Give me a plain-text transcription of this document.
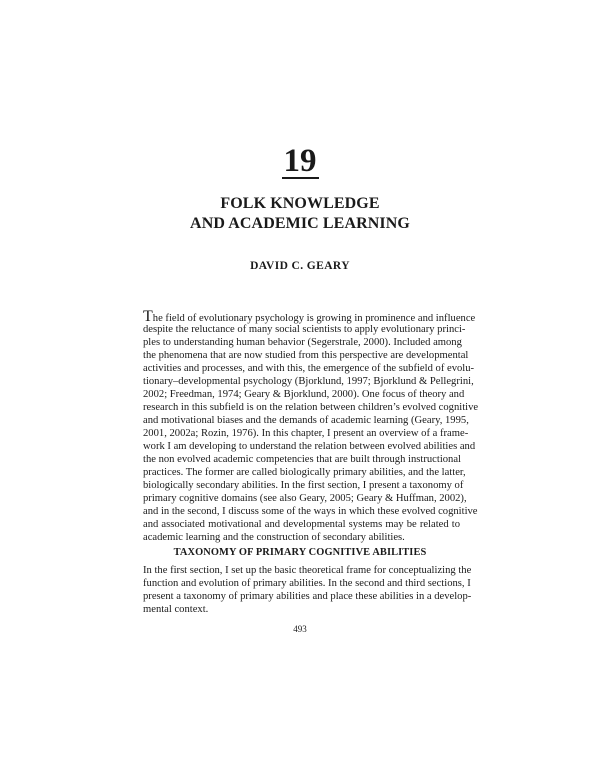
19
FOLK KNOWLEDGE
AND ACADEMIC LEARNING
DAVID C. GEARY
The field of evolutionary psychology is growing in prominence and influence
despite the reluctance of many social scientists to apply evolutionary princi-
ples to understanding human behavior (Segerstrale, 2000). Included among
the phenomena that are now studied from this perspective are developmental
activities and processes, and with this, the emergence of the subfield of evolu-
tionary–developmental psychology (Bjorklund, 1997; Bjorklund & Pellegrini,
2002; Freedman, 1974; Geary & Bjorklund, 2000). One focus of theory and
research in this subfield is on the relation between children’s evolved cognitive
and motivational biases and the demands of academic learning (Geary, 1995,
2001, 2002a; Rozin, 1976). In this chapter, I present an overview of a frame-
work I am developing to understand the relation between evolved abilities and
the non evolved academic competencies that are built through instructional
practices. The former are called biologically primary abilities, and the latter,
biologically secondary abilities. In the first section, I present a taxonomy of
primary cognitive domains (see also Geary, 2005; Geary & Huffman, 2002),
and in the second, I discuss some of the ways in which these evolved cognitive
and associated motivational and developmental systems may be related to
academic learning and the construction of secondary abilities.
TAXONOMY OF PRIMARY COGNITIVE ABILITIES
In the first section, I set up the basic theoretical frame for conceptualizing the
function and evolution of primary abilities. In the second and third sections, I
present a taxonomy of primary abilities and place these abilities in a develop-
mental context.
493
